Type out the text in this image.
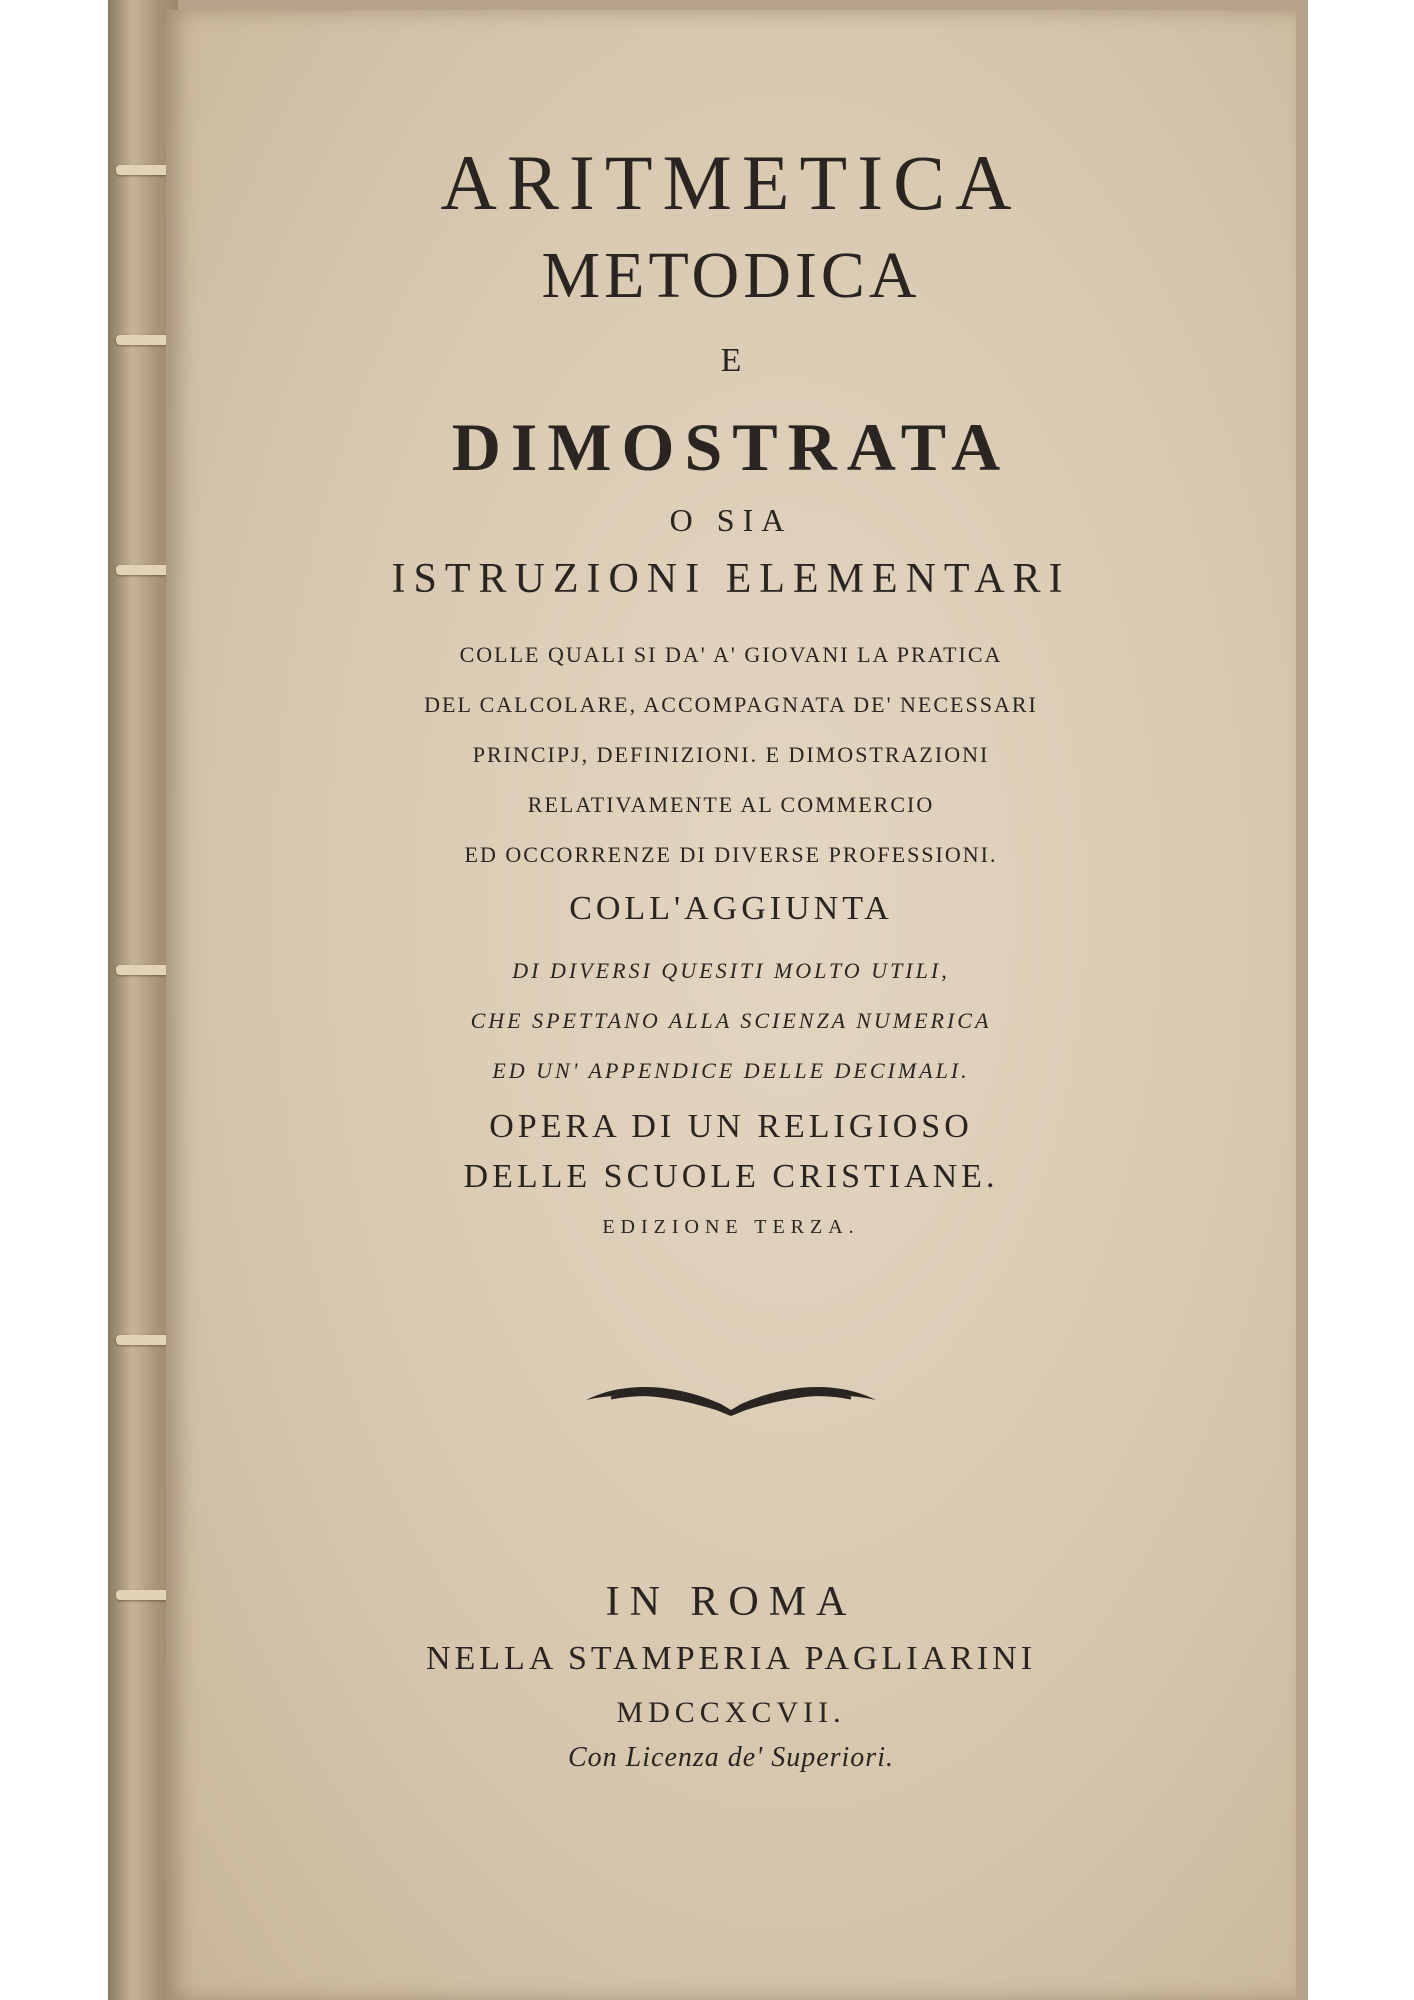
ARITMETICA
METODICA
E
DIMOSTRATA
O SIA
ISTRUZIONI ELEMENTARI
COLLE QUALI SI DA' A' GIOVANI LA PRATICA
DEL CALCOLARE, ACCOMPAGNATA DE' NECESSARI
PRINCIPJ, DEFINIZIONI. E DIMOSTRAZIONI
RELATIVAMENTE AL COMMERCIO
ED OCCORRENZE DI DIVERSE PROFESSIONI.
COLL'AGGIUNTA
DI DIVERSI QUESITI MOLTO UTILI,
CHE SPETTANO ALLA SCIENZA NUMERICA
ED UN' APPENDICE DELLE DECIMALI.
OPERA DI UN RELIGIOSO
DELLE SCUOLE CRISTIANE.
EDIZIONE TERZA.
IN ROMA
NELLA STAMPERIA PAGLIARINI
MDCCXCVII.
Con Licenza de' Superiori.
